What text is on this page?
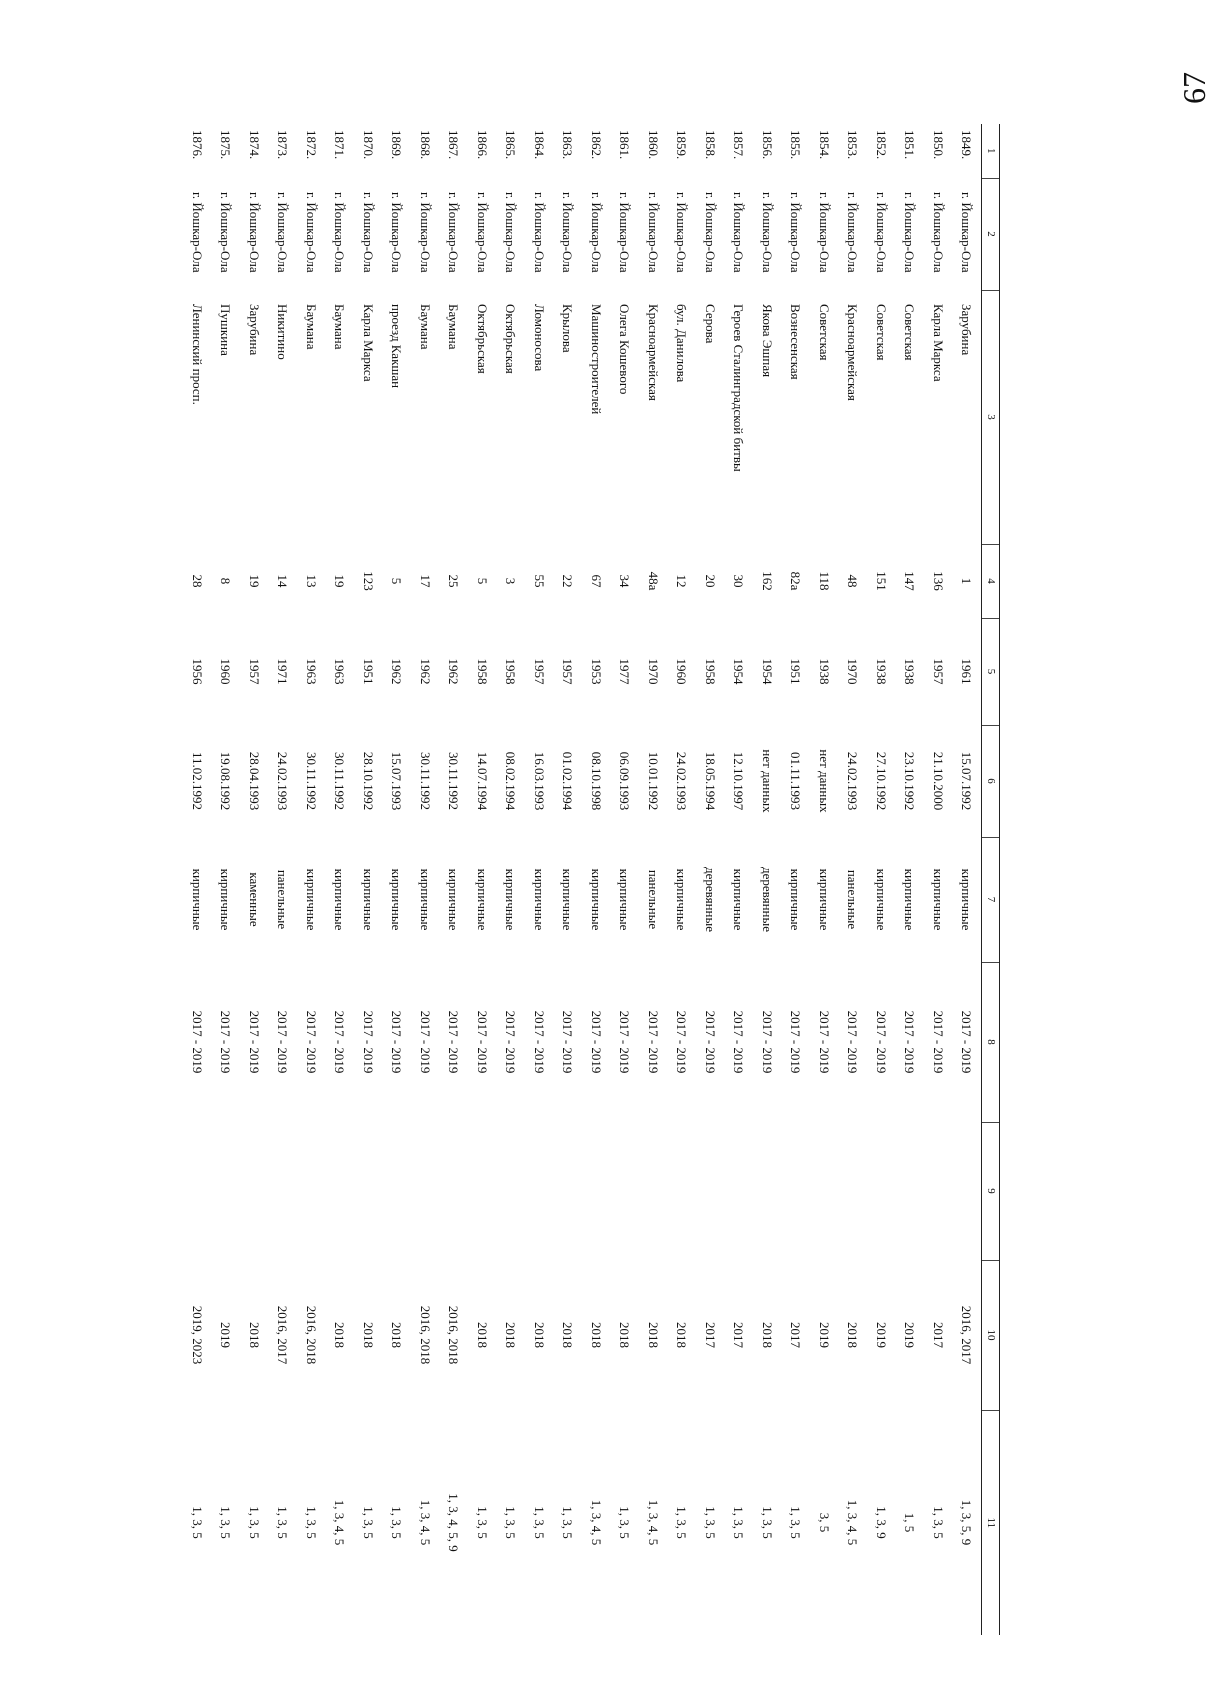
67
1	2	3	4	5	6	7	8	9	10	11
1849.	г. Йошкар-Ола	Зарубина	1	1961	15.07.1992	кирпичные	2017 - 2019		2016, 2017	1, 3, 5, 9
1850.	г. Йошкар-Ола	Карла Маркса	136	1957	21.10.2000	кирпичные	2017 - 2019		2017	1, 3, 5
1851.	г. Йошкар-Ола	Советская	147	1938	23.10.1992	кирпичные	2017 - 2019		2019	1, 5
1852.	г. Йошкар-Ола	Советская	151	1938	27.10.1992	кирпичные	2017 - 2019		2019	1, 3, 9
1853.	г. Йошкар-Ола	Красноармейская	48	1970	24.02.1993	панельные	2017 - 2019		2018	1, 3, 4, 5
1854.	г. Йошкар-Ола	Советская	118	1938	нет данных	кирпичные	2017 - 2019		2019	3, 5
1855.	г. Йошкар-Ола	Вознесенская	82а	1951	01.11.1993	кирпичные	2017 - 2019		2017	1, 3, 5
1856.	г. Йошкар-Ола	Якова Эшпая	162	1954	нет данных	деревянные	2017 - 2019		2018	1, 3, 5
1857.	г. Йошкар-Ола	Героев Сталинградской битвы	30	1954	12.10.1997	кирпичные	2017 - 2019		2017	1, 3, 5
1858.	г. Йошкар-Ола	Серова	20	1958	18.05.1994	деревянные	2017 - 2019		2017	1, 3, 5
1859.	г. Йошкар-Ола	бул. Данилова	12	1960	24.02.1993	кирпичные	2017 - 2019		2018	1, 3, 5
1860.	г. Йошкар-Ола	Красноармейская	48а	1970	10.01.1992	панельные	2017 - 2019		2018	1, 3, 4, 5
1861.	г. Йошкар-Ола	Олега Кошевого	34	1977	06.09.1993	кирпичные	2017 - 2019		2018	1, 3, 5
1862.	г. Йошкар-Ола	Машиностроителей	67	1953	08.10.1998	кирпичные	2017 - 2019		2018	1, 3, 4, 5
1863.	г. Йошкар-Ола	Крылова	22	1957	01.02.1994	кирпичные	2017 - 2019		2018	1, 3, 5
1864.	г. Йошкар-Ола	Ломоносова	55	1957	16.03.1993	кирпичные	2017 - 2019		2018	1, 3, 5
1865.	г. Йошкар-Ола	Октябрьская	3	1958	08.02.1994	кирпичные	2017 - 2019		2018	1, 3, 5
1866.	г. Йошкар-Ола	Октябрьская	5	1958	14.07.1994	кирпичные	2017 - 2019		2018	1, 3, 5
1867.	г. Йошкар-Ола	Баумана	25	1962	30.11.1992	кирпичные	2017 - 2019		2016, 2018	1, 3, 4, 5, 9
1868.	г. Йошкар-Ола	Баумана	17	1962	30.11.1992	кирпичные	2017 - 2019		2016, 2018	1, 3, 4, 5
1869.	г. Йошкар-Ола	проезд Какшан	5	1962	15.07.1993	кирпичные	2017 - 2019		2018	1, 3, 5
1870.	г. Йошкар-Ола	Карла Маркса	123	1951	28.10.1992	кирпичные	2017 - 2019		2018	1, 3, 5
1871.	г. Йошкар-Ола	Баумана	19	1963	30.11.1992	кирпичные	2017 - 2019		2018	1, 3, 4, 5
1872.	г. Йошкар-Ола	Баумана	13	1963	30.11.1992	кирпичные	2017 - 2019		2016, 2018	1, 3, 5
1873.	г. Йошкар-Ола	Никитино	14	1971	24.02.1993	панельные	2017 - 2019		2016, 2017	1, 3, 5
1874.	г. Йошкар-Ола	Зарубина	19	1957	28.04.1993	каменные	2017 - 2019		2018	1, 3, 5
1875.	г. Йошкар-Ола	Пушкина	8	1960	19.08.1992	кирпичные	2017 - 2019		2019	1, 3, 5
1876.	г. Йошкар-Ола	Ленинский просп.	28	1956	11.02.1992	кирпичные	2017 - 2019		2019, 2023	1, 3, 5
